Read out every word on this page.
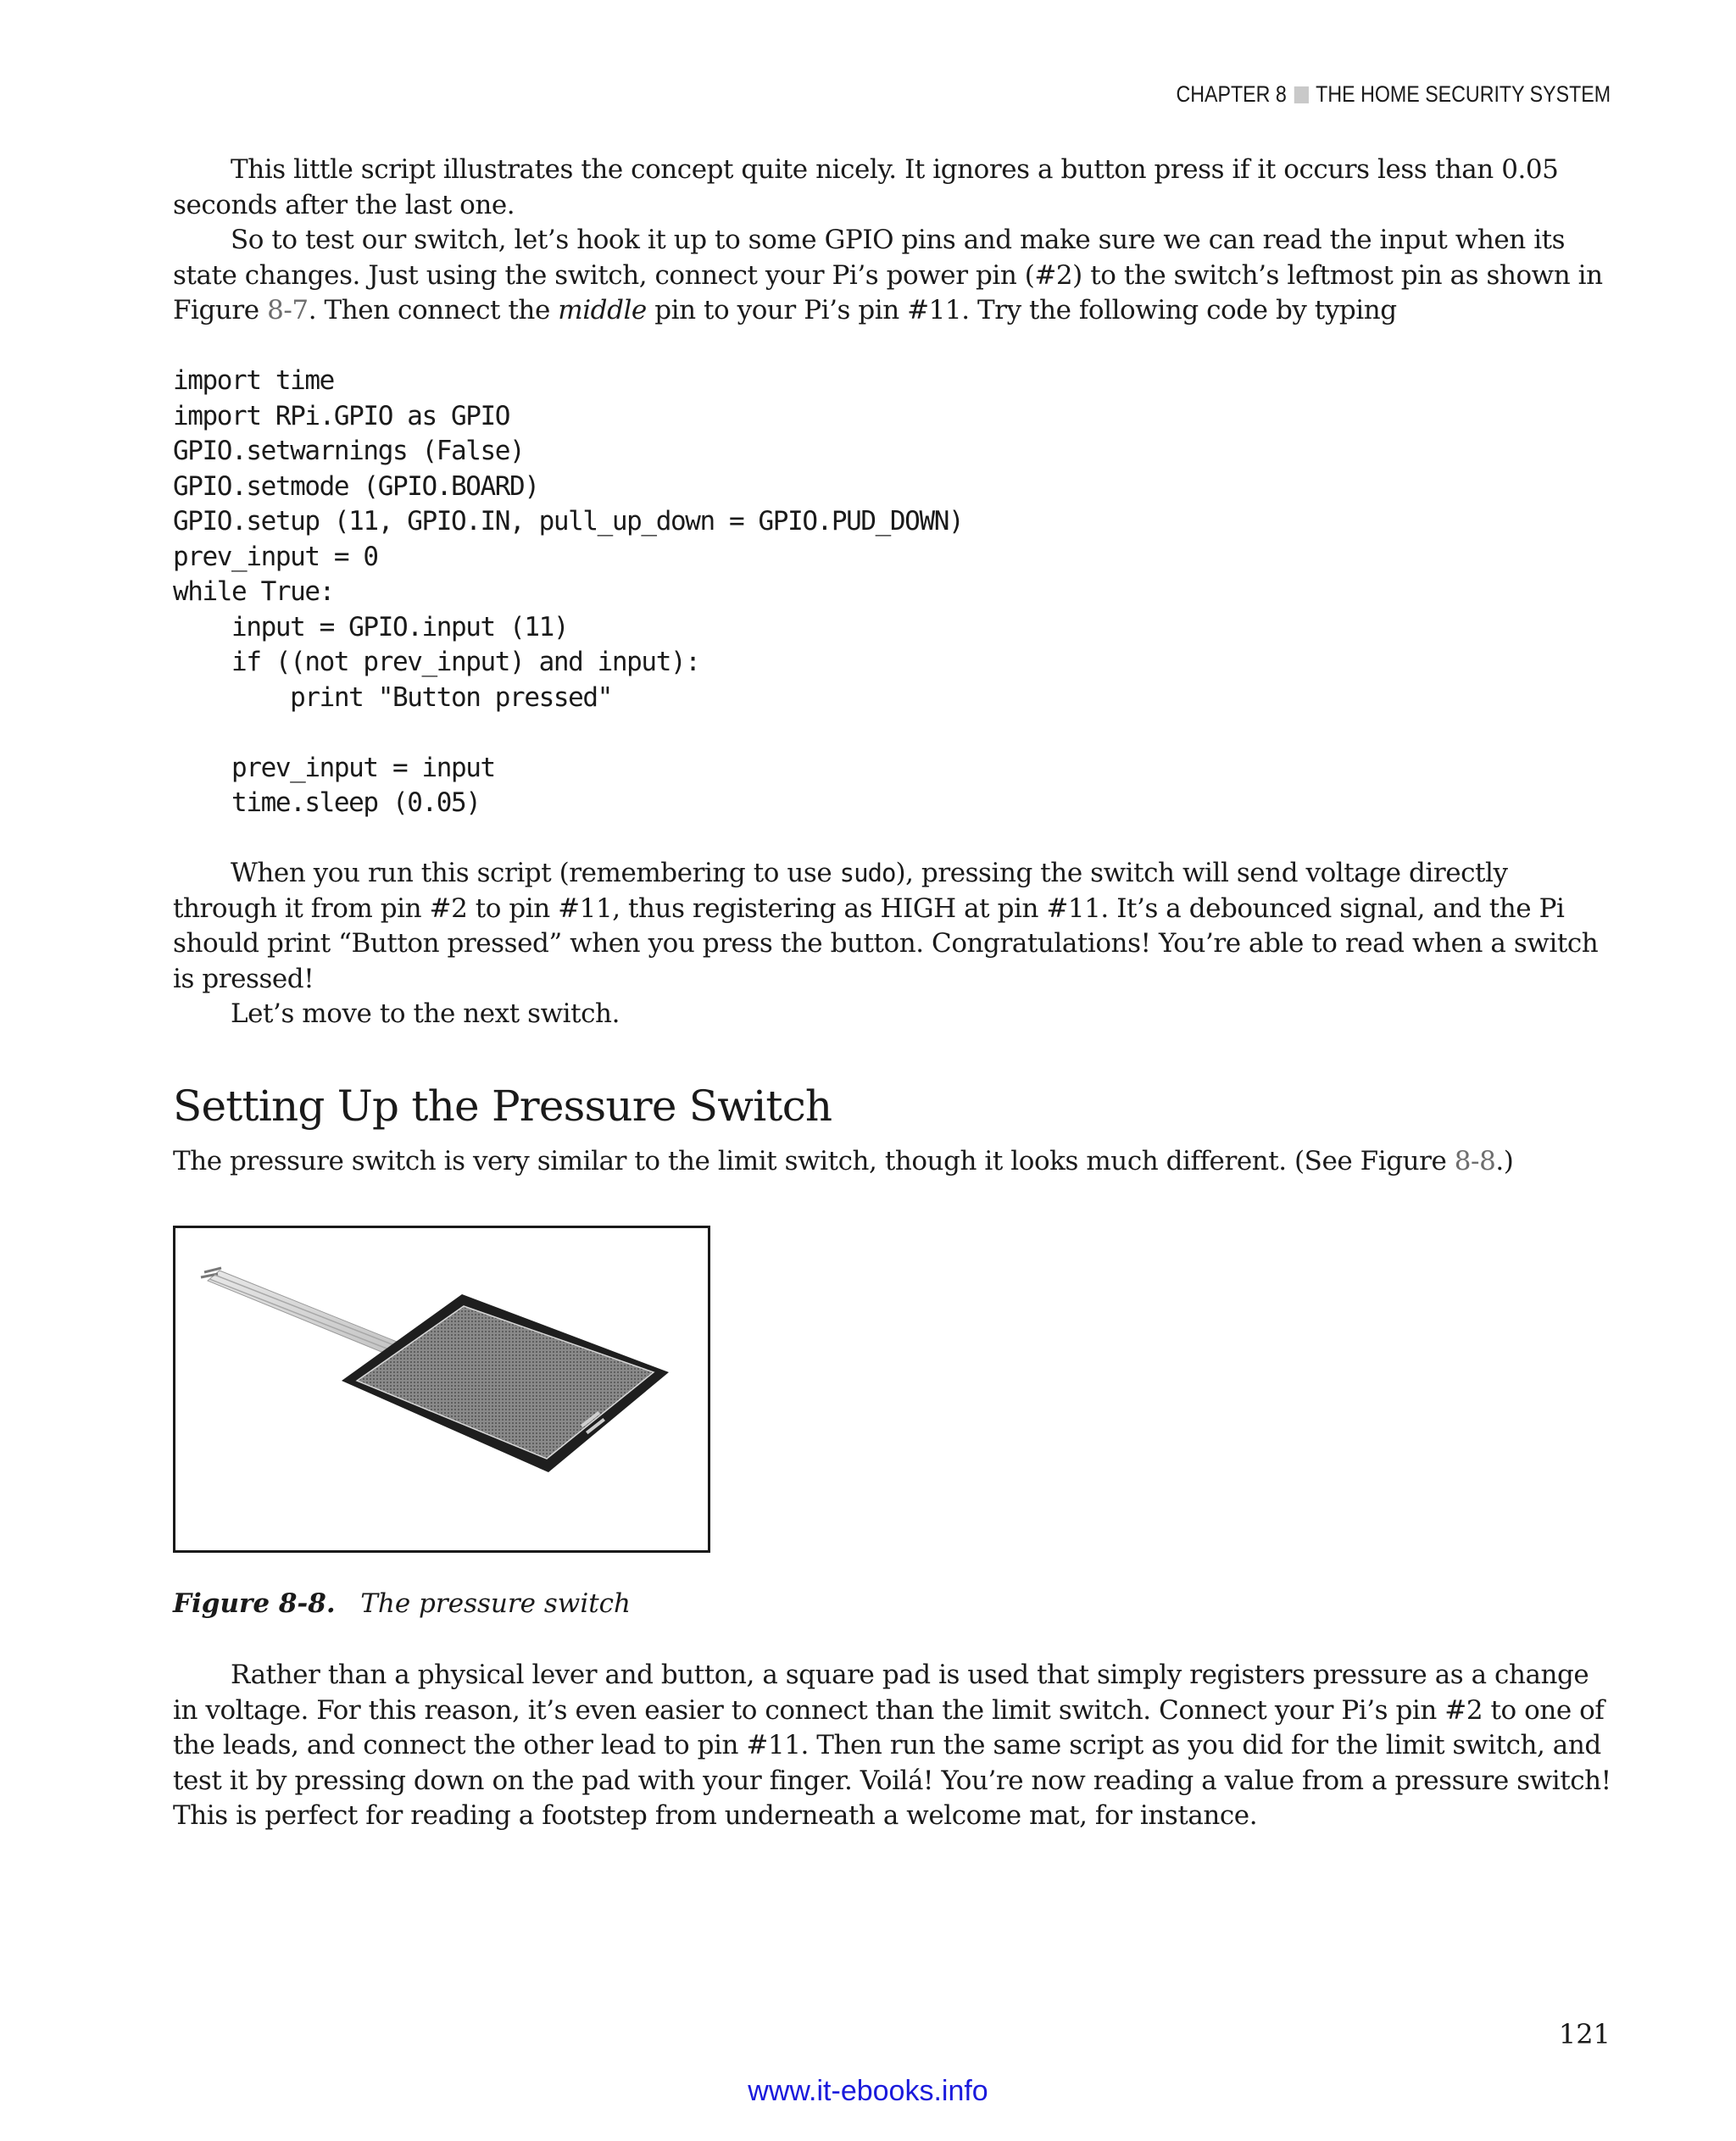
CHAPTER 8 THE HOME SECURITY SYSTEM

This little script illustrates the concept quite nicely. It ignores a button press if it occurs less than 0.05 seconds after the last one.

So to test our switch, let’s hook it up to some GPIO pins and make sure we can read the input when its state changes. Just using the switch, connect your Pi’s power pin (#2) to the switch’s leftmost pin as shown in Figure 8-7. Then connect the middle pin to your Pi’s pin #11. Try the following code by typing

import time
import RPi.GPIO as GPIO
GPIO.setwarnings (False)
GPIO.setmode (GPIO.BOARD)
GPIO.setup (11, GPIO.IN, pull_up_down = GPIO.PUD_DOWN)
prev_input = 0
while True:
input = GPIO.input (11)
if ((not prev_input) and input):
print "Button pressed"

prev_input = input
time.sleep (0.05)

When you run this script (remembering to use sudo), pressing the switch will send voltage directly through it from pin #2 to pin #11, thus registering as HIGH at pin #11. It’s a debounced signal, and the Pi should print “Button pressed” when you press the button. Congratulations! You’re able to read when a switch is pressed!

Let’s move to the next switch.

Setting Up the Pressure Switch

The pressure switch is very similar to the limit switch, though it looks much different. (See Figure 8-8.)

Figure 8-8. The pressure switch

Rather than a physical lever and button, a square pad is used that simply registers pressure as a change in voltage. For this reason, it’s even easier to connect than the limit switch. Connect your Pi’s pin #2 to one of the leads, and connect the other lead to pin #11. Then run the same script as you did for the limit switch, and test it by pressing down on the pad with your finger. Voilá! You’re now reading a value from a pressure switch! This is perfect for reading a footstep from underneath a welcome mat, for instance.

121
www.it-ebooks.info
